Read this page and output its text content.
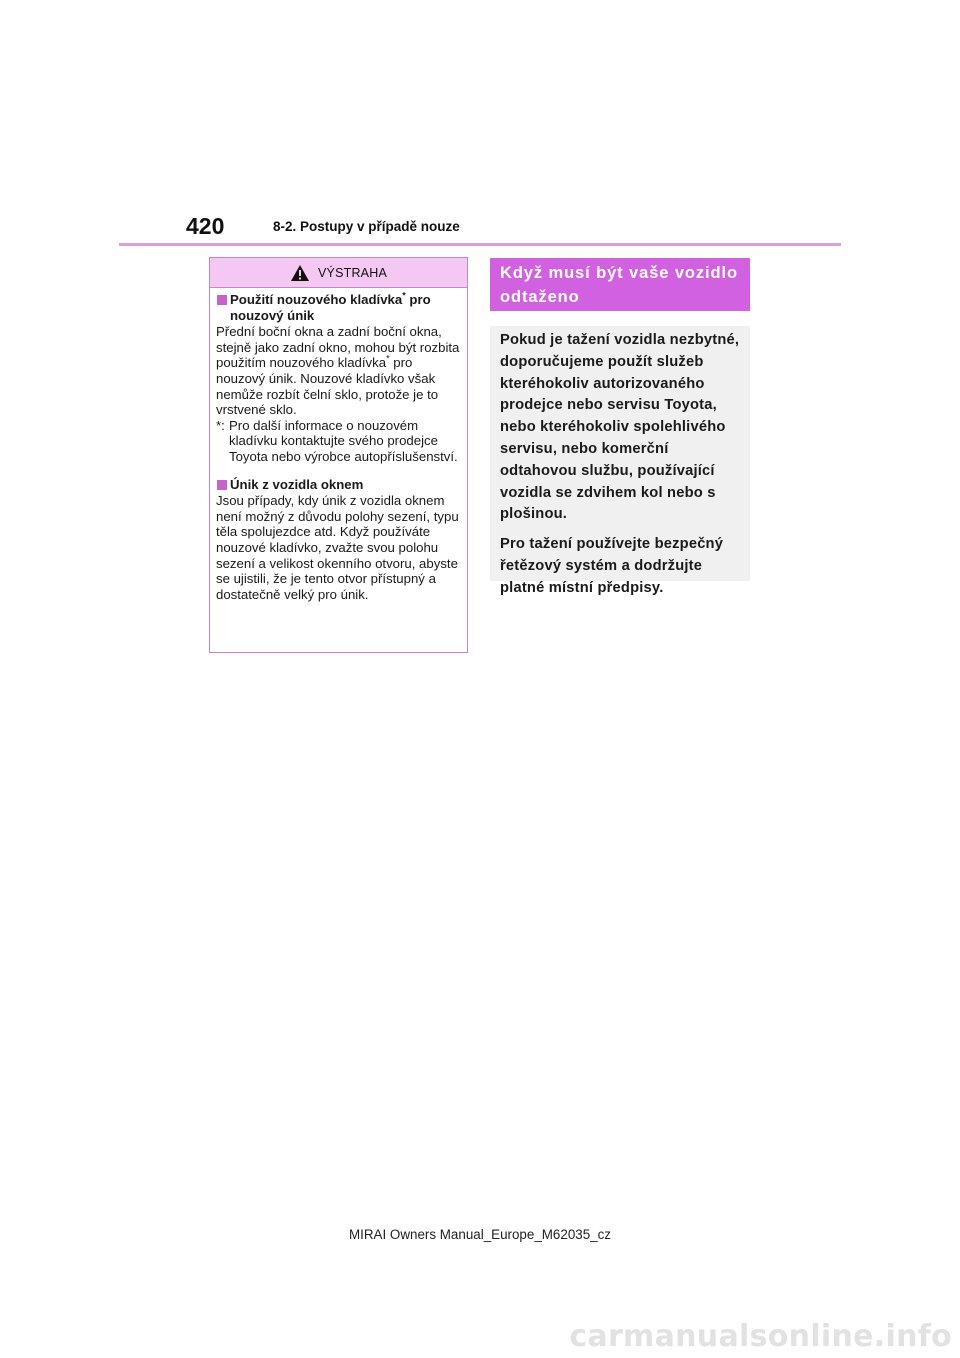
420	8-2. Postupy v případě nouze
VÝSTRAHA
Použití nouzového kladívka* pro nouzový únik
Přední boční okna a zadní boční okna, stejně jako zadní okno, mohou být rozbita použitím nouzového kladívka* pro nouzový únik. Nouzové kladívko však nemůže rozbít čelní sklo, protože je to vrstvené sklo.
*: Pro další informace o nouzovém kladívku kontaktujte svého prodejce Toyota nebo výrobce autopříslušenství.
Únik z vozidla oknem
Jsou případy, kdy únik z vozidla oknem není možný z důvodu polohy sezení, typu těla spolujezdce atd. Když používáte nouzové kladívko, zvažte svou polohu sezení a velikost okenního otvoru, abyste se ujistili, že je tento otvor přístupný a dostatečně velký pro únik.
Když musí být vaše vozidlo odtaženo

Pokud je tažení vozidla nezbytné, doporučujeme použít služeb kteréhokoliv autorizovaného prodejce nebo servisu Toyota, nebo kteréhokoliv spolehlivého servisu, nebo komerční odtahovou službu, používající vozidla se zdvihem kol nebo s plošinou.

Pro tažení používejte bezpečný řetězový systém a dodržujte platné místní předpisy.

MIRAI Owners Manual_Europe_M62035_cz
carmanualsonline.info
